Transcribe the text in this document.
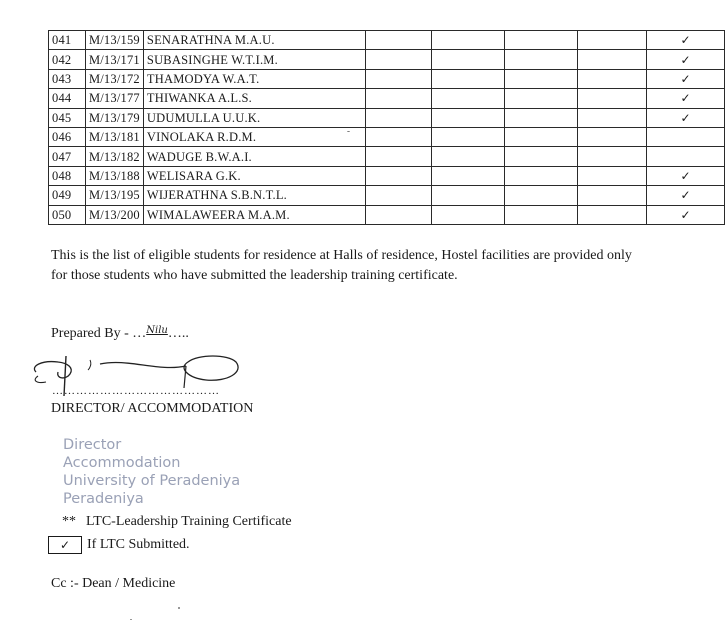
041	M/13/159	SENARATHNA M.A.U.					✓
042	M/13/171	SUBASINGHE W.T.I.M.					✓
043	M/13/172	THAMODYA W.A.T.					✓
044	M/13/177	THIWANKA A.L.S.					✓
045	M/13/179	UDUMULLA U.U.K.					✓
046	M/13/181	VINOLAKA R.D.M.					
047	M/13/182	WADUGE B.W.A.I.					
048	M/13/188	WELISARA G.K.					✓
049	M/13/195	WIJERATHNA S.B.N.T.L.					✓
050	M/13/200	WIMALAWEERA M.A.M.					✓

This is the list of eligible students for residence at Halls of residence, Hostel facilities are provided only for those students who have submitted the leadership training certificate.

Prepared By - …$^{Nilu}$…..
……………………………………
DIRECTOR/ ACCOMMODATION
Director
Accommodation
University of Peradeniya
Peradeniya
** LTC-Leadership Training Certificate
✓	If LTC Submitted.
Cc :- Dean / Medicine
